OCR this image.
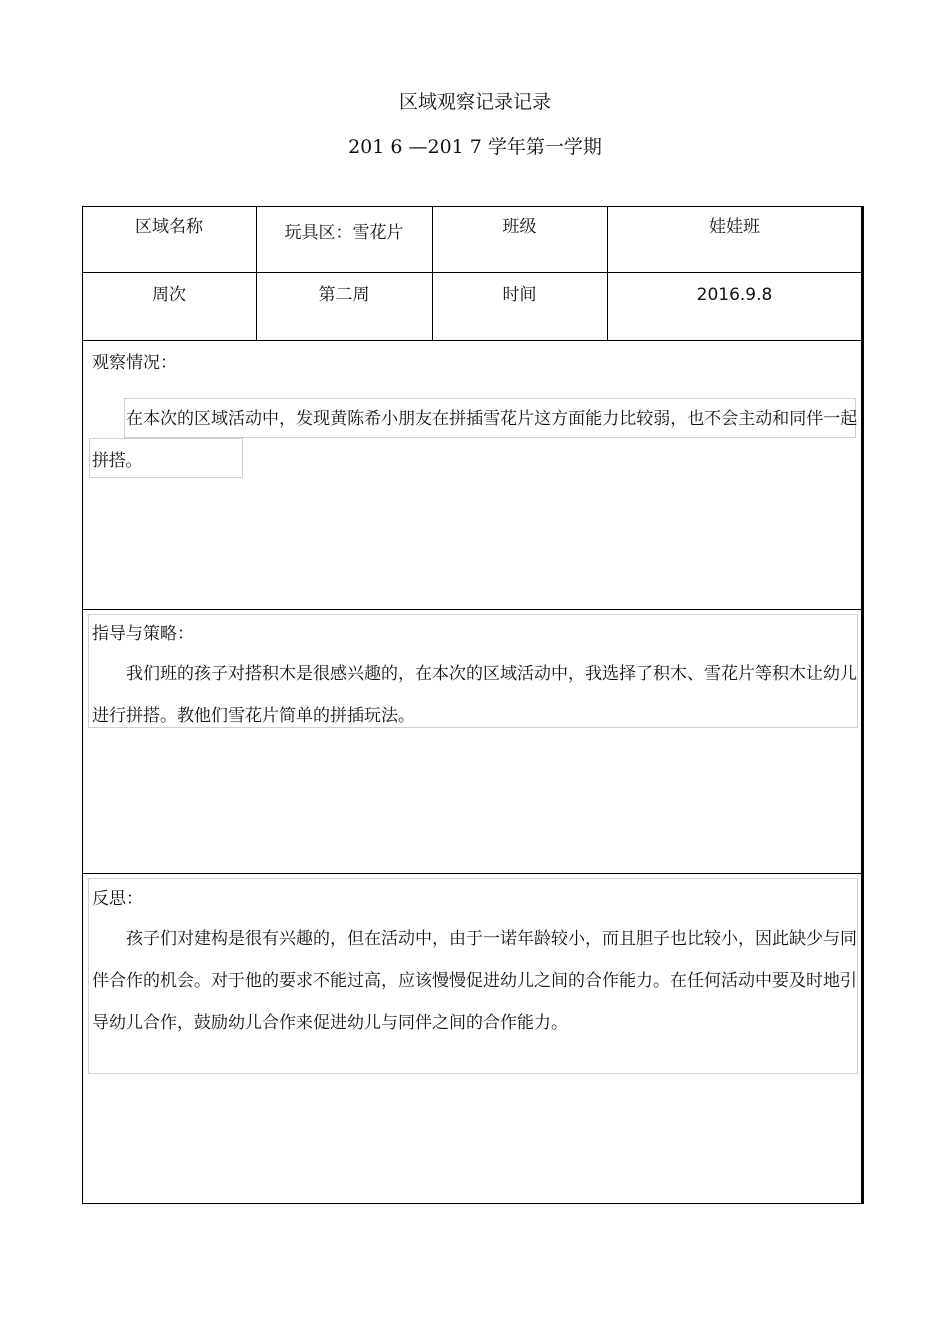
区域观察记录记录
201 6 —201 7 学年第一学期
区域名称	玩具区：雪花片	班级	娃娃班
周次	第二周	时间	2016.9.8
观察情况：
在本次的区域活动中，发现黄陈希小朋友在拼插雪花片这方面能力比较弱，也不会主动和同伴一起拼搭。
指导与策略：
我们班的孩子对搭积木是很感兴趣的，在本次的区域活动中，我选择了积木、雪花片等积木让幼儿进行拼搭。教他们雪花片简单的拼插玩法。
反思：
孩子们对建构是很有兴趣的，但在活动中，由于一诺年龄较小，而且胆子也比较小，因此缺少与同伴合作的机会。对于他的要求不能过高，应该慢慢促进幼儿之间的合作能力。在任何活动中要及时地引导幼儿合作，鼓励幼儿合作来促进幼儿与同伴之间的合作能力。
